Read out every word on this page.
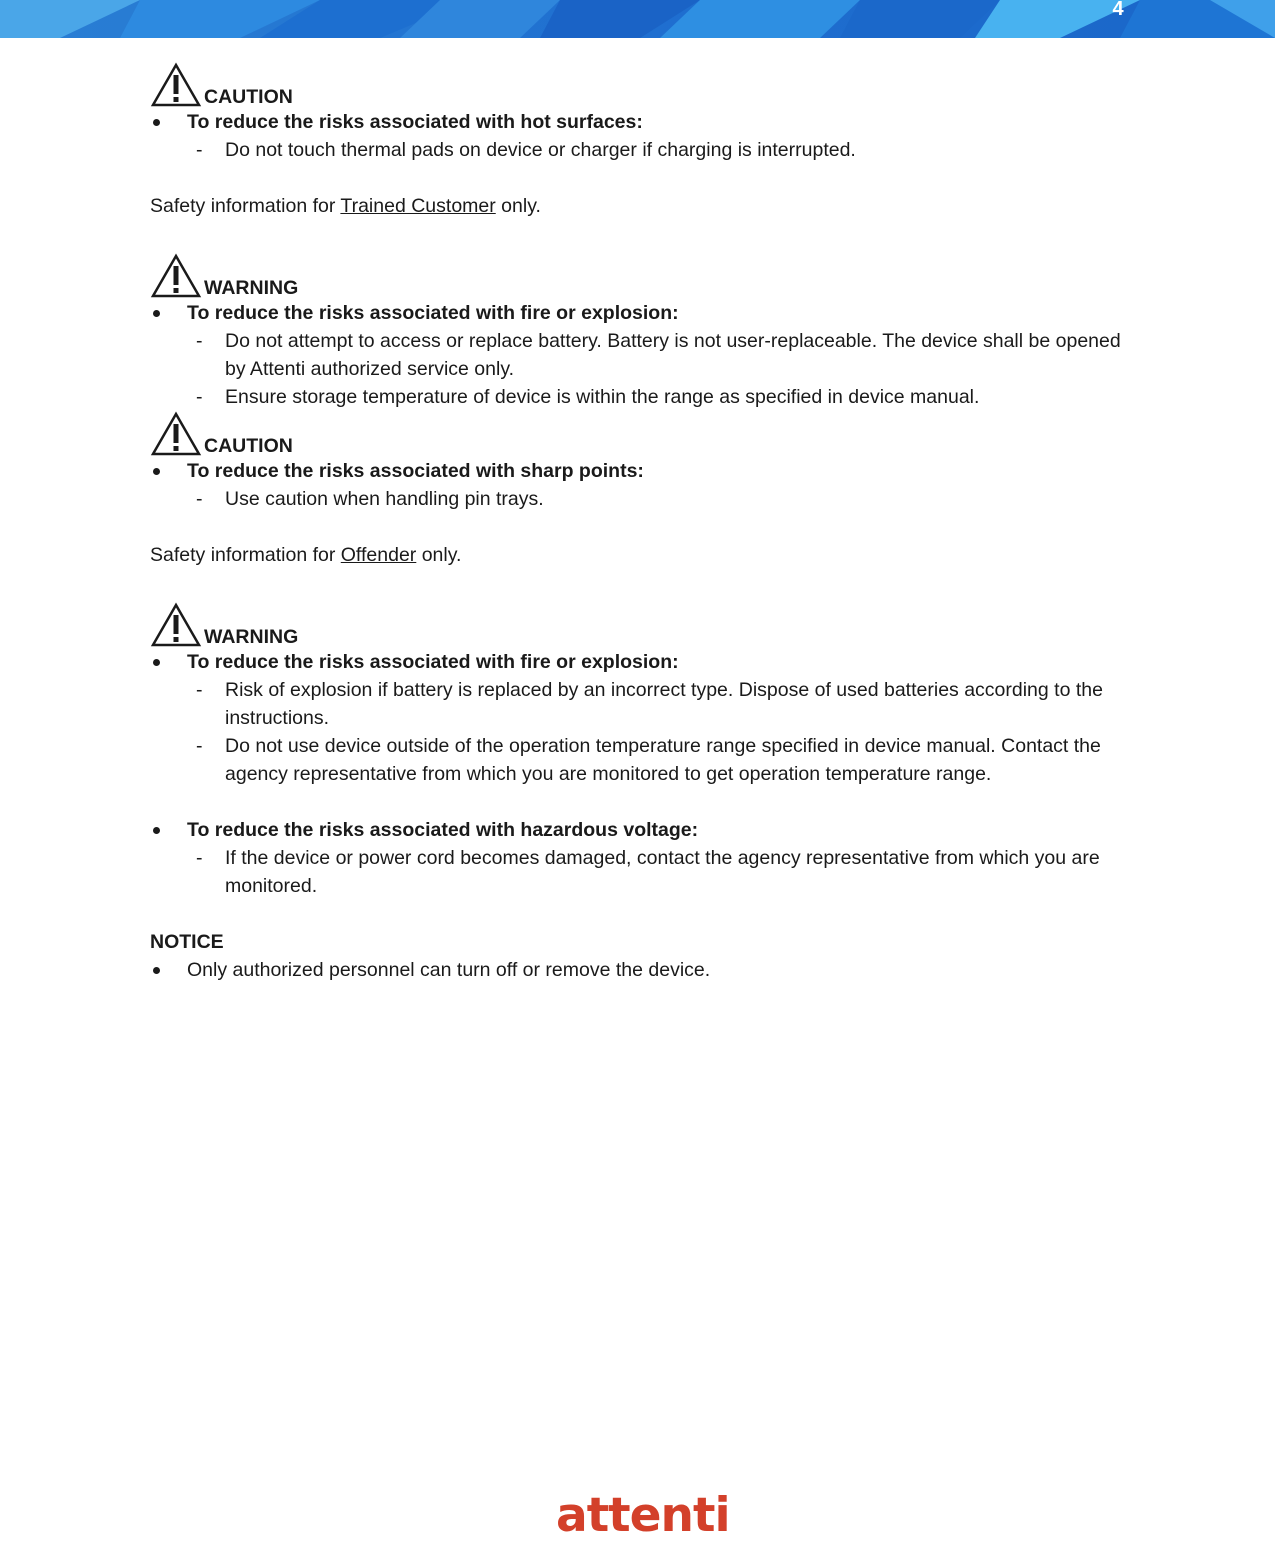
4
CAUTION
To reduce the risks associated with hot surfaces:
- Do not touch thermal pads on device or charger if charging is interrupted.
Safety information for Trained Customer only.
WARNING
To reduce the risks associated with fire or explosion:
- Do not attempt to access or replace battery. Battery is not user-replaceable. The device shall be opened by Attenti authorized service only.
- Ensure storage temperature of device is within the range as specified in device manual.
CAUTION
To reduce the risks associated with sharp points:
- Use caution when handling pin trays.
Safety information for Offender only.
WARNING
To reduce the risks associated with fire or explosion:
- Risk of explosion if battery is replaced by an incorrect type. Dispose of used batteries according to the instructions.
- Do not use device outside of the operation temperature range specified in device manual. Contact the agency representative from which you are monitored to get operation temperature range.
To reduce the risks associated with hazardous voltage:
- If the device or power cord becomes damaged, contact the agency representative from which you are monitored.
NOTICE
Only authorized personnel can turn off or remove the device.
attenti
